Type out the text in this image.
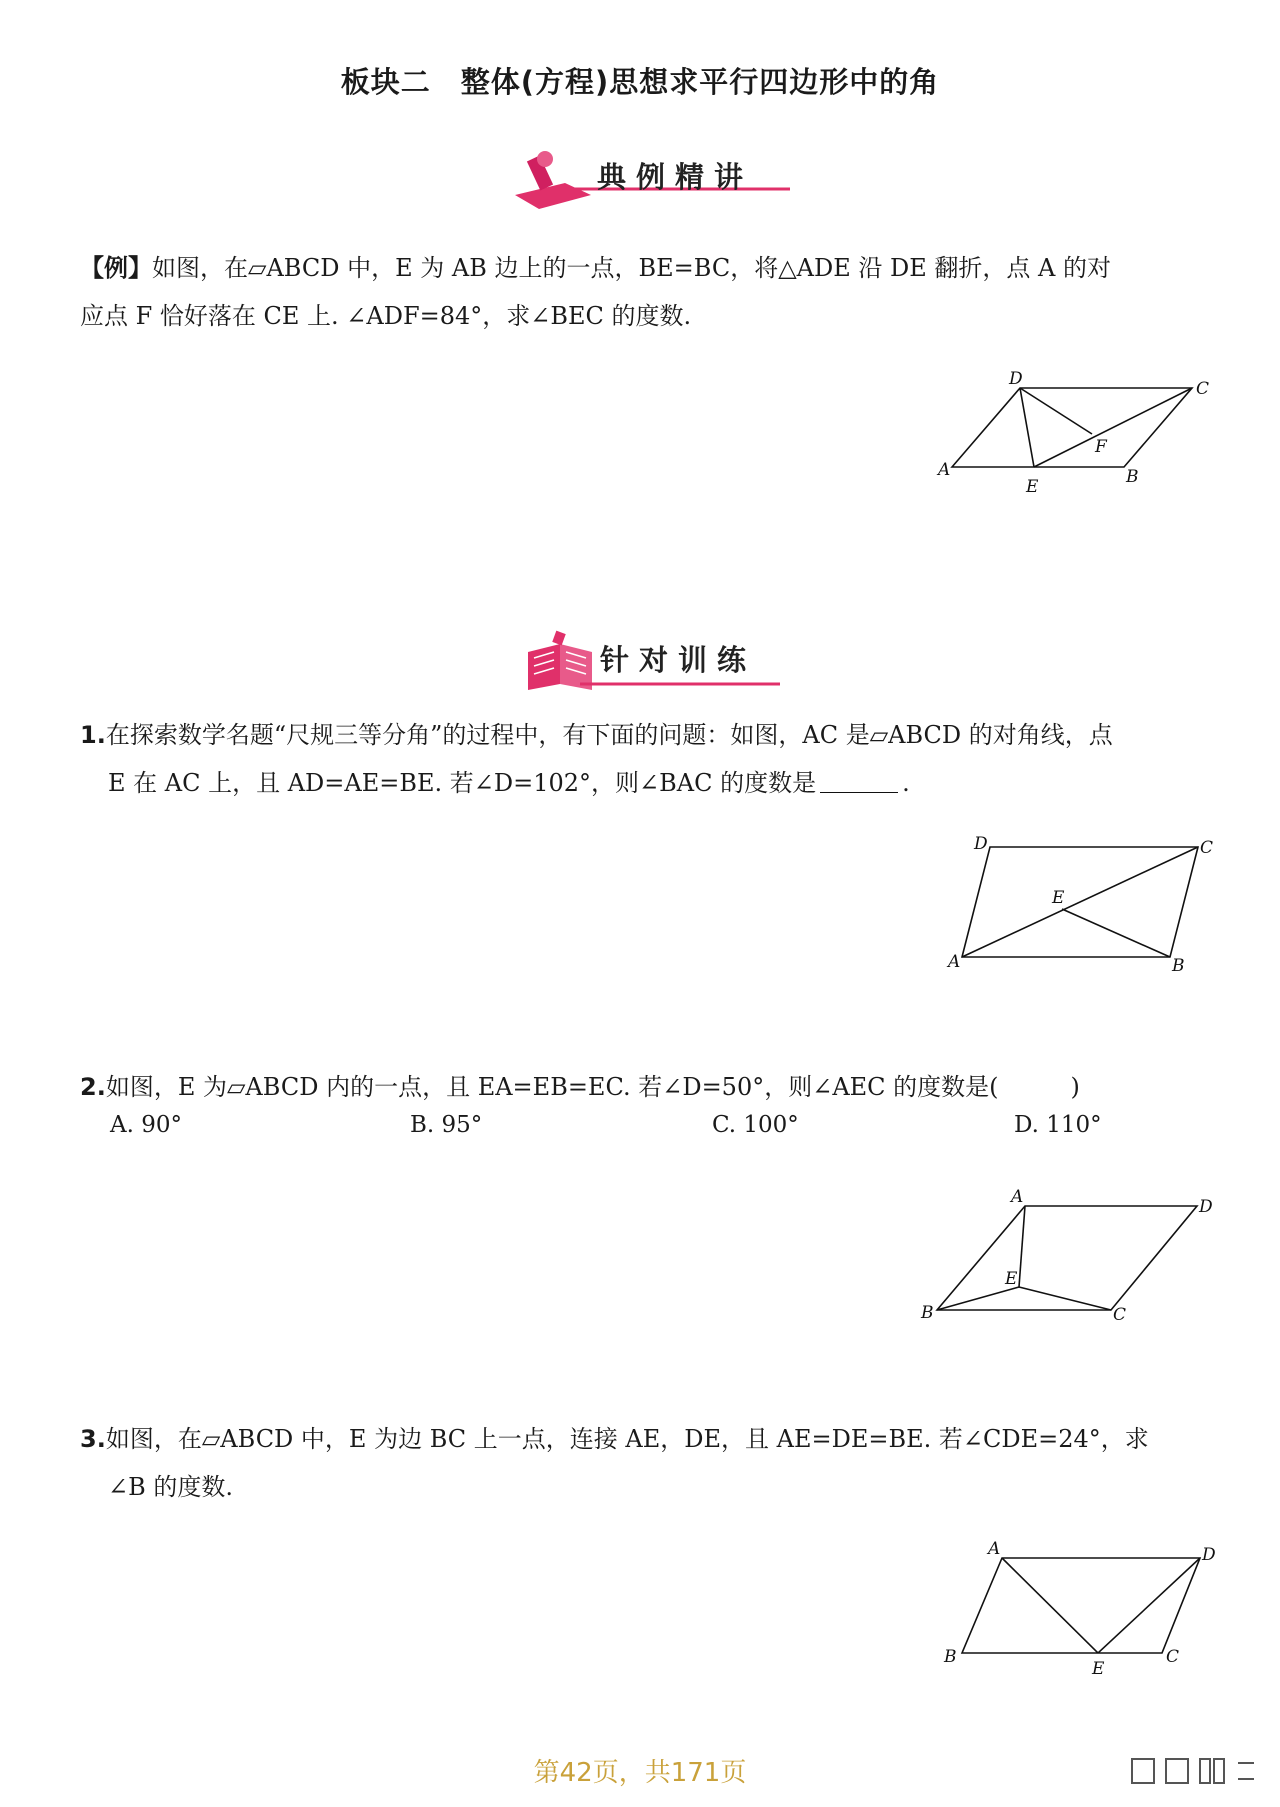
板块二　整体(方程)思想求平行四边形中的角
典例精讲

【例】如图，在▱ABCD 中，E 为 AB 边上的一点，BE=BC，将△ADE 沿 DE 翻折，点 A 的对

应点 F 恰好落在 CE 上. ∠ADF=84°，求∠BEC 的度数.

A	B
C
D
E
F
针对训练

1.在探索数学名题“尺规三等分角”的过程中，有下面的问题：如图，AC 是▱ABCD 的对角线，点

E 在 AC 上，且 AD=AE=BE. 若∠D=102°，则∠BAC 的度数是	.

A	B
C
D
E

2.如图，E 为▱ABCD 内的一点，且 EA=EB=EC. 若∠D=50°，则∠AEC 的度数是(　　　)

A. 90°	B. 95°	C. 100°	D. 110°
A
B	C
D
E

3.如图，在▱ABCD 中，E 为边 BC 上一点，连接 AE，DE，且 AE=DE=BE. 若∠CDE=24°，求

∠B 的度数.

A
B	C
D
E
第42页，共171页
